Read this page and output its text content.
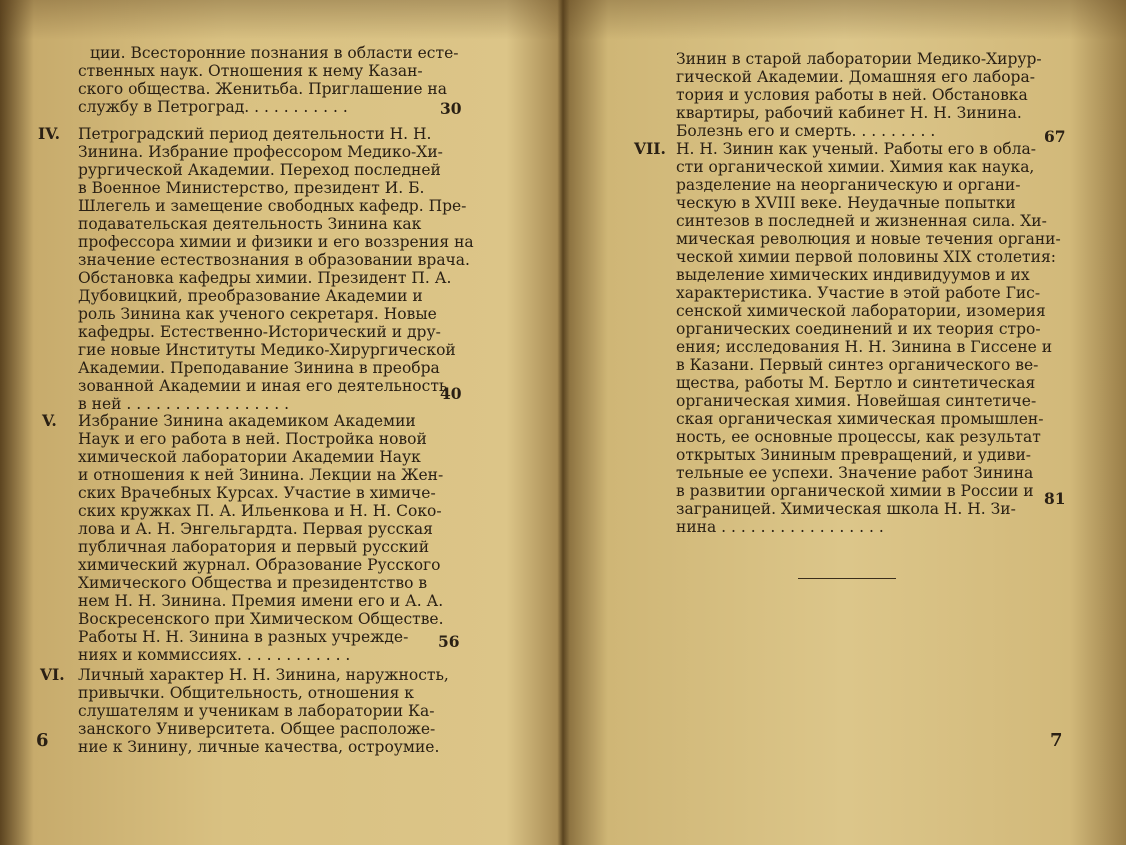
ции. Всесторонние познания в области есте-
ственных наук. Отношения к нему Казан-
ского общества. Женитьба. Приглашение на
службу в Петроград. . . . . . . . . . .	30
IV. Петроградский период деятельности Н. Н.
Зинина. Избрание профессором Медико-Хи-
рургической Академии. Переход последней
в Военное Министерство, президент И. Б.
Шлегель и замещение свободных кафедр. Пре-
подавательская деятельность Зинина как
профессора химии и физики и его воззрения на
значение естествознания в образовании врача.
Обстановка кафедры химии. Президент П. А.
Дубовицкий, преобразование Академии и
роль Зинина как ученого секретаря. Новые
кафедры. Естественно-Исторический и дру-
гие новые Институты Медико-Хирургической
Академии. Преподавание Зинина в преобра
зованной Академии и иная его деятельность
в ней . . . . . . . . . . . . . . . . .
40
V. Избрание Зинина академиком Академии
Наук и его работа в ней. Постройка новой
химической лаборатории Академии Наук
и отношения к ней Зинина. Лекции на Жен-
ских Врачебных Курсах. Участие в химиче-
ских кружках П. А. Ильенкова и Н. Н. Соко-
лова и А. Н. Энгельгардта. Первая русская
публичная лаборатория и первый русский
химический журнал. Образование Русского
Химического Общества и президентство в
нем Н. Н. Зинина. Премия имени его и А. А.
Воскресенского при Химическом Обществе.
Работы Н. Н. Зинина в разных учрежде-
ниях и коммиссиях. . . . . . . . . . . .
56
VI. Личный характер Н. Н. Зинина, наружность,
привычки. Общительность, отношения к
слушателям и ученикам в лаборатории Ка-
занского Университета. Общее расположе-
ние к Зинину, личные качества, остроумие.
6
Зинин в старой лаборатории Медико-Хирур-
гической Академии. Домашняя его лабора-
тория и условия работы в ней. Обстановка
квартиры, рабочий кабинет Н. Н. Зинина.
Болезнь его и смерть. . . . . . . . .	67
VII. Н. Н. Зинин как ученый. Работы его в обла-
сти органической химии. Химия как наука,
разделение на неорганическую и органи-
ческую в XVIII веке. Неудачные попытки
синтезов в последней и жизненная сила. Хи-
мическая революция и новые течения органи-
ческой химии первой половины XIX столетия:
выделение химических индивидуумов и их
характеристика. Участие в этой работе Гис-
сенской химической лаборатории, изомерия
органических соединений и их теория стро-
ения; исследования Н. Н. Зинина в Гиссене и
в Казани. Первый синтез органического ве-
щества, работы М. Бертло и синтетическая
органическая химия. Новейшая синтетиче-
ская органическая химическая промышлен-
ность, ее основные процессы, как результат
открытых Зининым превращений, и удиви-
тельные ее успехи. Значение работ Зинина
в развитии органической химии в России и
заграницей. Химическая школа Н. Н. Зи-
нина . . . . . . . . . . . . . . . . .
81
7
